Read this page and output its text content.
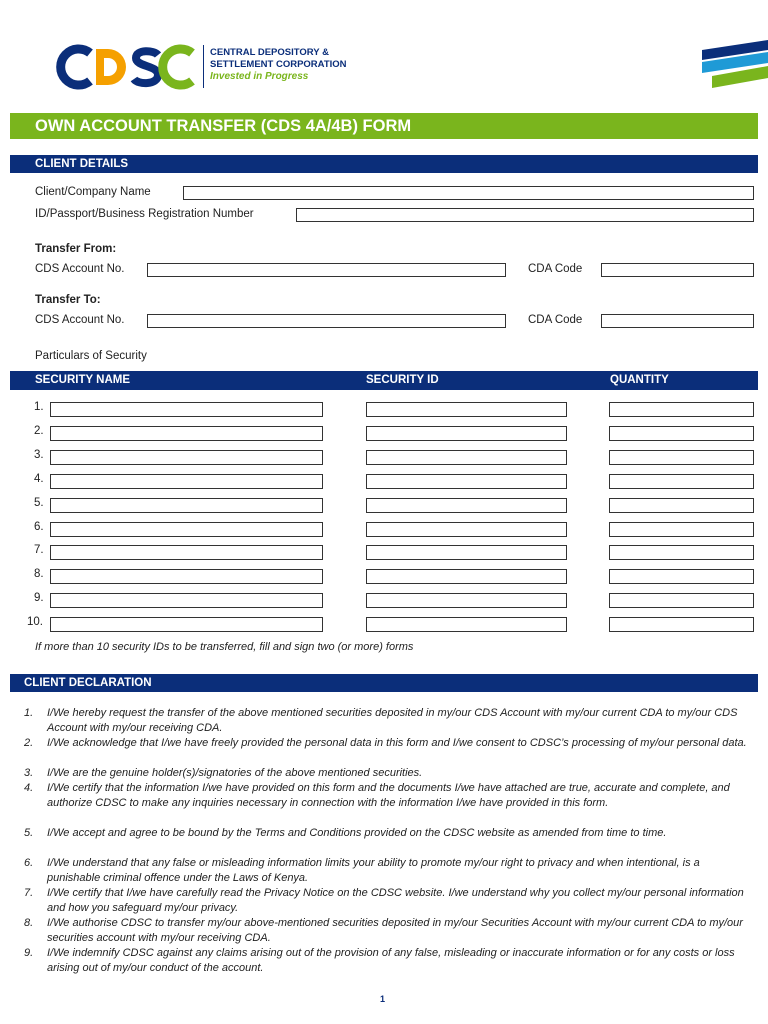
CENTRAL DEPOSITORY &
SETTLEMENT CORPORATION
Invested in Progress
OWN ACCOUNT TRANSFER (CDS 4A/4B) FORM
CLIENT DETAILS
Client/Company Name
ID/Passport/Business Registration Number
Transfer From:
CDS Account No.	CDA Code
Transfer To:
CDS Account No.	CDA Code
Particulars of Security
SECURITY NAME	SECURITY ID	QUANTITY
1.
2.
3.
4.
5.
6.
7.
8.
9.
10.
If more than 10 security IDs to be transferred, fill and sign two (or more) forms
CLIENT DECLARATION
1. I/We hereby request the transfer of the above mentioned securities deposited in my/our CDS Account with my/our current CDA to my/our CDS Account with my/our receiving CDA.
2. I/We acknowledge that I/we have freely provided the personal data in this form and I/we consent to CDSC’s processing of my/our personal data.
3. I/We are the genuine holder(s)/signatories of the above mentioned securities.
4. I/We certify that the information I/we have provided on this form and the documents I/we have attached are true, accurate and complete, and authorize CDSC to make any inquiries necessary in connection with the information I/we have provided in this form.
5. I/We accept and agree to be bound by the Terms and Conditions provided on the CDSC website as amended from time to time.
6. I/We understand that any false or misleading information limits your ability to promote my/our right to privacy and when intentional, is a punishable criminal offence under the Laws of Kenya.
7. I/We certify that I/we have carefully read the Privacy Notice on the CDSC website. I/we understand why you collect my/our personal information and how you safeguard my/our privacy.
8. I/We authorise CDSC to transfer my/our above-mentioned securities deposited in my/our Securities Account with my/our current CDA to my/our securities account with my/our receiving CDA.
9. I/We indemnify CDSC against any claims arising out of the provision of any false, misleading or inaccurate information or for any costs or loss arising out of my/our conduct of the account.
1
